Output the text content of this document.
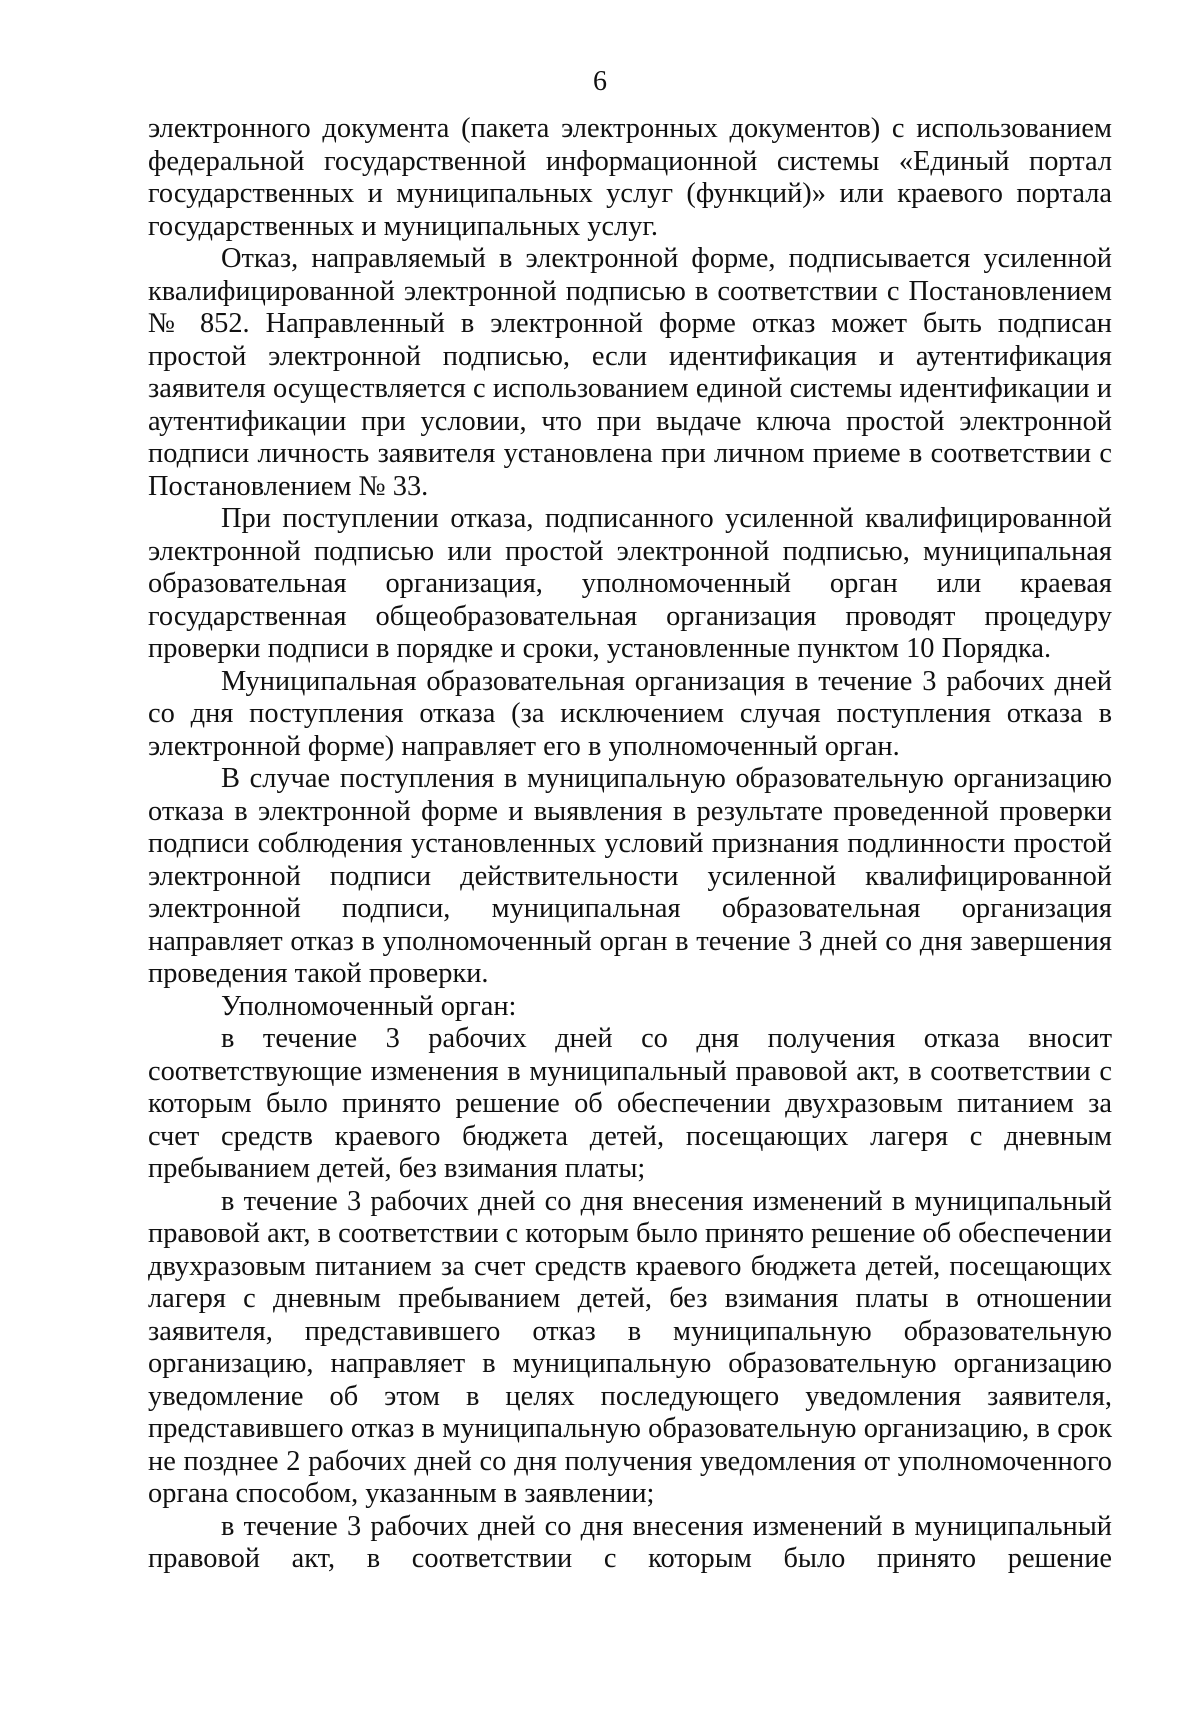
6

электронного документа (пакета электронных документов) с использованием федеральной государственной информационной системы «Единый портал государственных и муниципальных услуг (функций)» или краевого портала государственных и муниципальных услуг.

Отказ, направляемый в электронной форме, подписывается усиленной квалифицированной электронной подписью в соответствии с Постановлением № 852. Направленный в электронной форме отказ может быть подписан простой электронной подписью, если идентификация и аутентификация заявителя осуществляется с использованием единой системы идентификации и аутентификации при условии, что при выдаче ключа простой электронной подписи личность заявителя установлена при личном приеме в соответствии с Постановлением № 33.

При поступлении отказа, подписанного усиленной квалифицированной электронной подписью или простой электронной подписью, муниципальная образовательная организация, уполномоченный орган или краевая государственная общеобразовательная организация проводят процедуру проверки подписи в порядке и сроки, установленные пунктом 10 Порядка.

Муниципальная образовательная организация в течение 3 рабочих дней со дня поступления отказа (за исключением случая поступления отказа в электронной форме) направляет его в уполномоченный орган.

В случае поступления в муниципальную образовательную организацию отказа в электронной форме и выявления в результате проведенной проверки подписи соблюдения установленных условий признания подлинности простой электронной подписи действительности усиленной квалифицированной электронной подписи, муниципальная образовательная организация направляет отказ в уполномоченный орган в течение 3 дней со дня завершения проведения такой проверки.

Уполномоченный орган:

в течение 3 рабочих дней со дня получения отказа вносит соответствующие изменения в муниципальный правовой акт, в соответствии с которым было принято решение об обеспечении двухразовым питанием за счет средств краевого бюджета детей, посещающих лагеря с дневным пребыванием детей, без взимания платы;

в течение 3 рабочих дней со дня внесения изменений в муниципальный правовой акт, в соответствии с которым было принято решение об обеспечении двухразовым питанием за счет средств краевого бюджета детей, посещающих лагеря с дневным пребыванием детей, без взимания платы в отношении заявителя, представившего отказ в муниципальную образовательную организацию, направляет в муниципальную образовательную организацию уведомление об этом в целях последующего уведомления заявителя, представившего отказ в муниципальную образовательную организацию, в срок не позднее 2 рабочих дней со дня получения уведомления от уполномоченного органа способом, указанным в заявлении;

в течение 3 рабочих дней со дня внесения изменений в муниципальный правовой акт, в соответствии с которым было принято решение
